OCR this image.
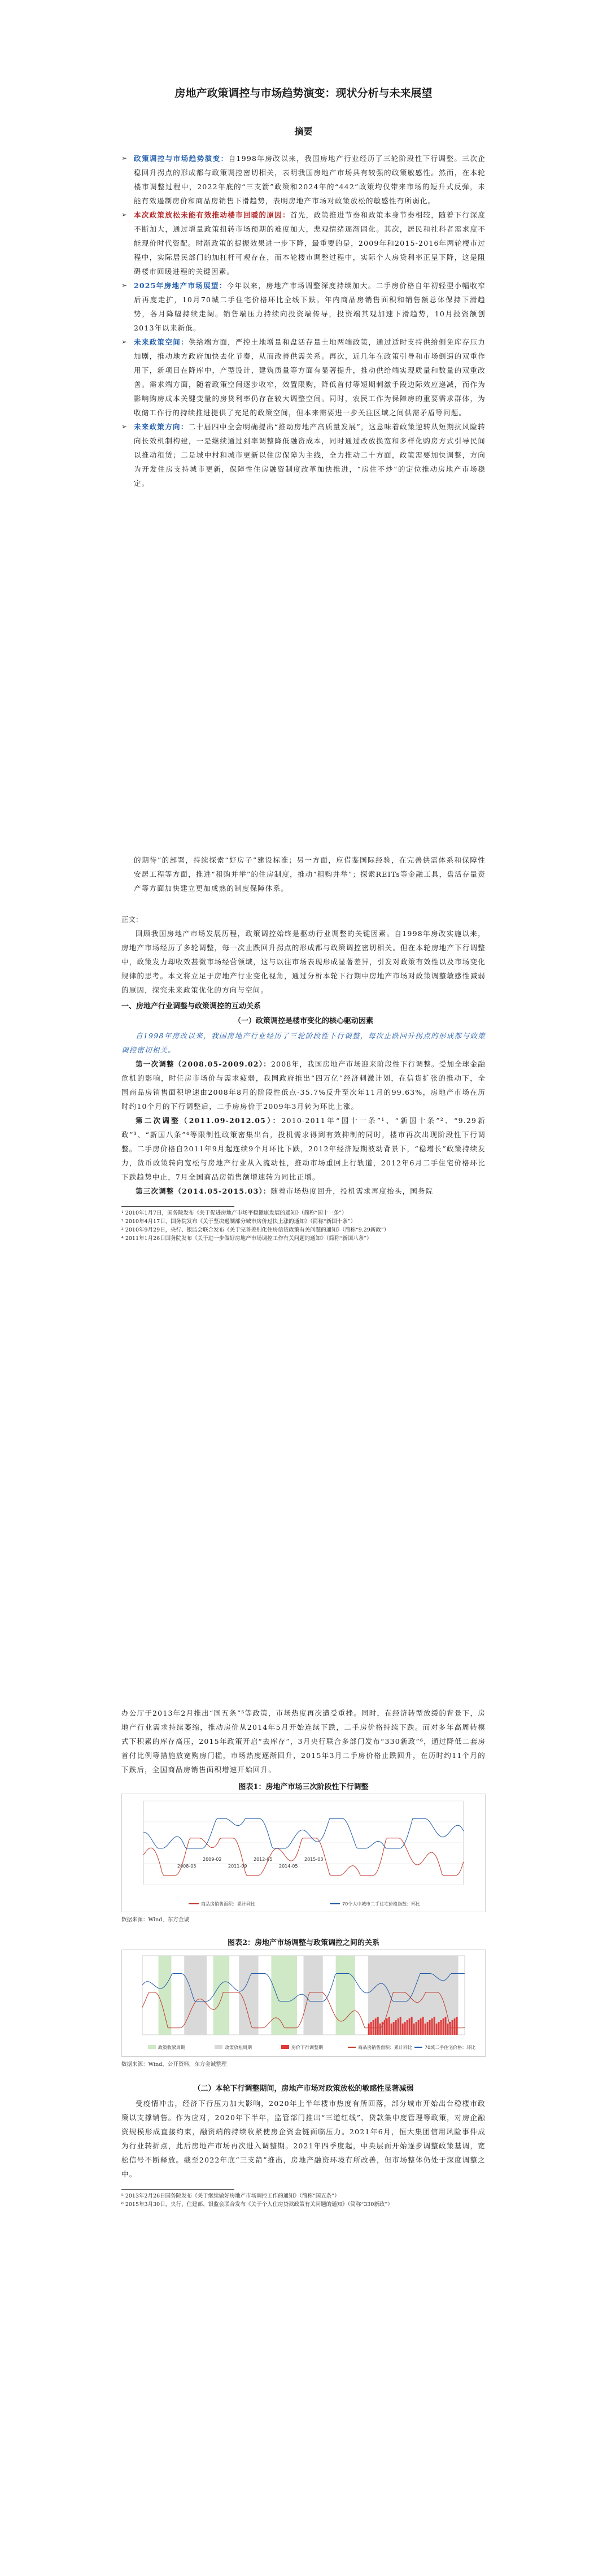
房地产政策调控与市场趋势演变：现状分析与未来展望
摘要
➢ 政策调控与市场趋势演变：自1998年房改以来，我国房地产行业经历了三轮阶段性下行调整。三次企稳回升拐点的形成都与政策调控密切相关，表明我国房地产市场具有较强的政策敏感性。然而，在本轮楼市调整过程中，2022年底的“三支箭”政策和2024年的“442”政策均仅带来市场的短升式反弹，未能有效遏制房价和商品房销售下滑趋势，表明房地产市场对政策放松的敏感性有所弱化。
➢ 本次政策放松未能有效推动楼市回暖的原因：首先，政策推进节奏和政策本身节奏相较，随着下行深度不断加大，通过增量政策扭转市场预期的难度加大，悲观情绪逐渐固化。其次，居民和社科者需求度不能现价时代资配。时渐政策的提振效果进一步下降，最重要的是，2009年和2015-2016年两轮楼市过程中，实际居民部门的加杠杆可观存在，而本轮楼市调整过程中，实际个人房贷利率正呈下降，这是阻碍楼市回暖进程的关键因素。
➢ 2025年房地产市场展望：今年以来，房地产市场调整深度持续加大。二手房价格自年初轻型小幅收窄后再度走扩，10月70城二手住宅价格环比全线下跌。年内商品房销售面积和销售额总体保持下滑趋势，各月降幅持续走阔。销售端压力持续向投资端传导，投资端其观加速下滑趋势，10月投资额创2013年以来新低。
➢ 未来政策空间：供给端方面，严控土地增量和盘活存量土地两端政策，通过适时支持供给侧免库存压力加剧，推动地方政府加快去化节奏，从而改善供需关系。再次，近几年在政策引导和市场倒逼的双重作用下，新项目在降库中，产型设计，建筑质量等方面有显著提升，推动供给端实现质量和数量的双重改善。需求端方面，随着政策空间逐步收窄，效置限购，降低首付等短期刺激手段边际效应递减，而作为影响购房成本关键变量的房贷利率仍存在较大调整空间。同时，农民工作为保障房的重要需求群体，为收储工作行的持续推进提供了充足的政策空间，但本来需要进一步关注区域之间供需矛盾等问题。
➢ 未来政策方向：二十届四中全会明确提出“推动房地产高质量发展”，这意味着政策逆转从短期抗风险转向长效机制构建，一是继续通过到率调整降低融资成本，同时通过改放换宽和多样化购房方式引导民间以推动租赁；二是城中村和城市更新以住房保障为主线，全力推动二十方面，政策需要加快调整，方向为开发住房支持城市更新，保障性住房融资制度改革加快推进，“房住不炒”的定位推动房地产市场稳定。
的期待”的部署，持续探索“好房子”建设标准；另一方面，应借鉴国际经验，在完善供需体系和保障性安居工程等方面，推进“租购并举”的住房制度，推动“租购并举”；探索REITs等金融工具，盘活存量资产等方面加快建立更加成熟的制度保障体系。
正文：
回顾我国房地产市场发展历程，政策调控始终是驱动行业调整的关键因素。自1998年房改实施以来，房地产市场经历了多轮调整，每一次止跌回升拐点的形成都与政策调控密切相关。但在本轮房地产下行调整中，政策发力却收效甚微市场经营领域，这与以往市场表现形成显著差异，引发对政策有效性以及市场变化规律的思考。本文将立足于房地产行业变化视角，通过分析本轮下行期中房地产市场对政策调整敏感性减弱的原因，探究未来政策优化的方向与空间。
一、房地产行业调整与政策调控的互动关系
（一）政策调控是楼市变化的核心驱动因素
自1998年房改以来，我国房地产行业经历了三轮阶段性下行调整，每次止跌回升拐点的形成都与政策调控密切相关。
第一次调整（2008.05-2009.02）：2008年，我国房地产市场迎来阶段性下行调整。受加全球金融危机的影响，时任房市场价与需求疲弱，我国政府推出“四万亿”经济刺激计划，在信货扩张的推动下，全国商品房销售面积增速由2008年8月的阶段性低点-35.7%反升至次年11月的99.63%，房地产市场在历时约10个月的下行调整后，二手房房价于2009年3月转为环比上涨。
第二次调整（2011.09-2012.05）：2010-2011年“国十一条”¹、“新国十条”²、“9.29新政”³、“新国八条”⁴等限制性政策密集出台，投机需求得到有效抑制的同时，楼市再次出现阶段性下行调整。二手房价格自2011年9月起连续9个月环比下跌，2012年经济短期波动背景下，“稳增长”政策持续发力，货币政策转向宽松与房地产行业从入流动性，推动市场重回上行轨道，2012年6月二手住宅价格环比下跌趋势中止，7月全国商品房销售额增速转为同比正增。
第三次调整（2014.05-2015.03）：随着市场热度回升，投机需求再度抬头，国务院
¹ 2010年1月7日，国务院发布《关于促进房地产市场平稳健康发展的通知》（简称“国十一条”）
² 2010年4月17日，国务院发布《关于坚决遏制部分城市房价过快上涨的通知》（简称“新国十条”）
³ 2010年9月29日，央行、银监会联合发布《关于完善差别化住房信贷政策有关问题的通知》（简称“9.29新政”）
⁴ 2011年1月26日国务院发布《关于进一步做好房地产市场调控工作有关问题的通知》（简称“新国八条”）
办公厅于2013年2月推出“国五条”⁵等政策，市场热度再次遭受重挫。同时，在经济转型放缓的背景下，房地产行业需求持续萎缩，推动房价从2014年5月开始连续下跌，二手房价格持续下跌。而对多年高周转模式下积累的库存高压，2015年政策开启“去库存”，3月央行联合多部门发布“330新政”⁶，通过降低二套房首付比例等措施放宽购房门槛，市场热度逐渐回升，2015年3月二手房价格止跌回升，在历时约11个月的下跌后，全国商品房销售面积增速开始回升。
图表1：房地产市场三次阶段性下行调整
2008-05
2009-02
2011-09
2012-05
2014-05
2015-03
商品房销售面积：累计同比	70个大中城市二手住宅价格指数：环比
数据来源：Wind，东方金诚
图表2：房地产市场调整与政策调控之间的关系
政策收紧周期	政策放松周期	房价下行调整期	商品房销售面积：累计同比	70城二手住宅价格：环比
数据来源：Wind，公开资料，东方金诚整理
（二）本轮下行调整期间，房地产市场对政策放松的敏感性显著减弱
受疫情冲击，经济下行压力加大影响，2020年上半年楼市热度有所回落，部分城市开始出台稳楼市政策以支撑销售。作为应对，2020年下半年，监管部门推出“三道红线”、贷款集中度管理等政策，对房企融资规模形成直接约束，融资端的持续收紧使房企资金链面临压力。2021年6月，恒大集团信用风险事件成为行业转折点，此后房地产市场再次进入调整期。2021年四季度起，中央层面开始逐步调整政策基调，宽松信号不断释放。截至2022年底“三支箭”推出，房地产融资环境有所改善，但市场整体仍处于深度调整之中。
⁵ 2013年2月26日国务院发布《关于继续做好房地产市场调控工作的通知》（简称“国五条”）
⁶ 2015年3月30日，央行、住建部、银监会联合发布《关于个人住房贷款政策有关问题的通知》（简称“330新政”）
